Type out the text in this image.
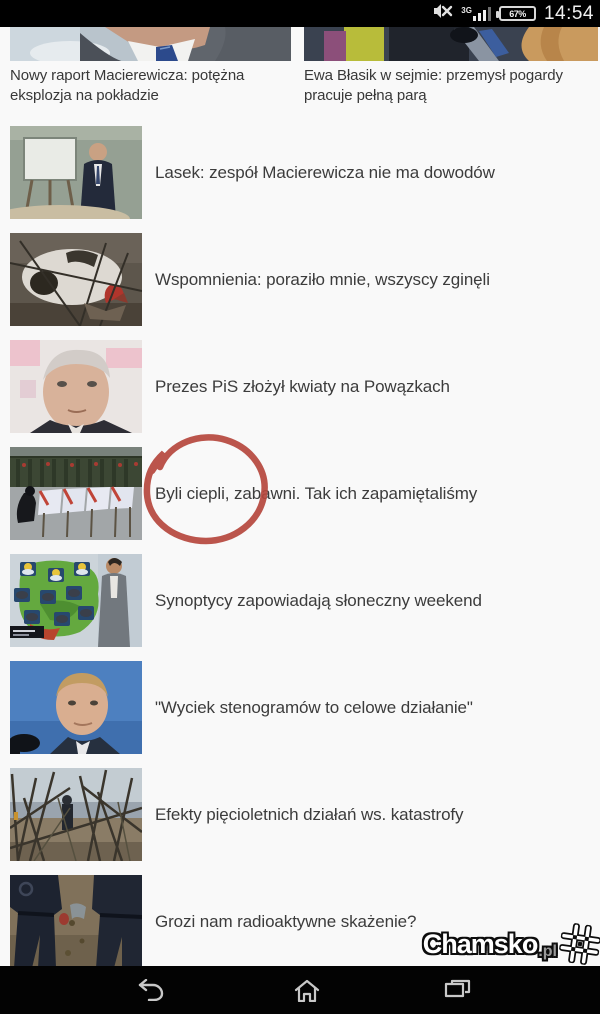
3G	67% 14:54

Nowy raport Macierewicza: potężna eksplozja na pokładzie

Ewa Błasik w sejmie: przemysł pogardy pracuje pełną parą

Lasek: zespół Macierewicza nie ma dowodów
Wspomnienia: poraziło mnie, wszyscy zginęli
Prezes PiS złożył kwiaty na Powązkach
Byli ciepli, zabawni. Tak ich zapamiętaliśmy
Synoptycy zapowiadają słoneczny weekend
"Wyciek stenogramów to celowe działanie"
Efekty pięcioletnich działań ws. katastrofy
Grozi nam radioaktywne skażenie?
Chamsko .pl
